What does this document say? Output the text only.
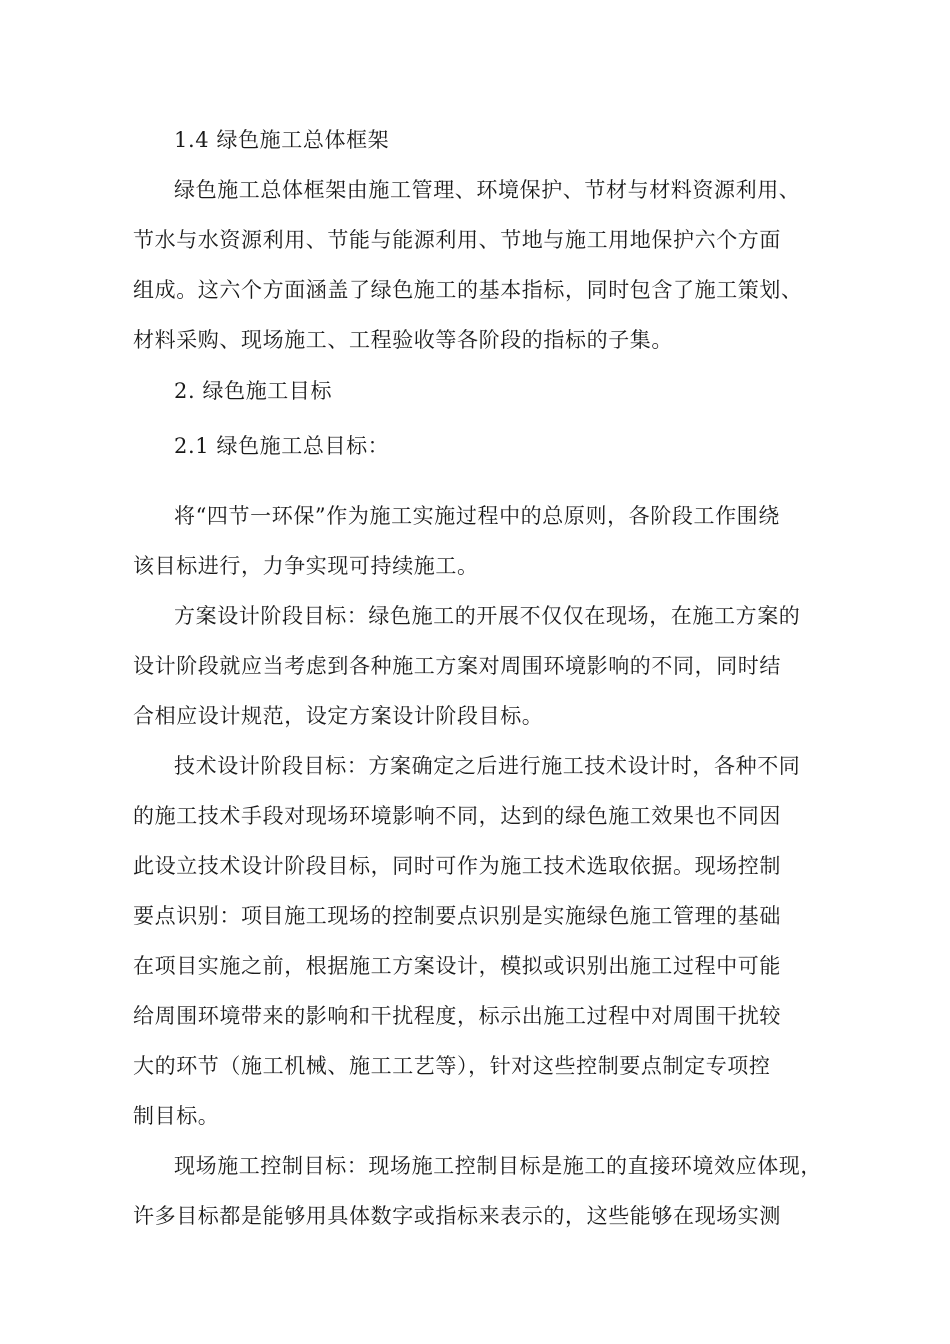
1.4 绿色施工总体框架
绿色施工总体框架由施工管理、环境保护、节材与材料资源利用、
节水与水资源利用、节能与能源利用、节地与施工用地保护六个方面
组成。这六个方面涵盖了绿色施工的基本指标，同时包含了施工策划、
材料采购、现场施工、工程验收等各阶段的指标的子集。
2. 绿色施工目标
2.1 绿色施工总目标：
将“四节一环保”作为施工实施过程中的总原则，各阶段工作围绕
该目标进行，力争实现可持续施工。
方案设计阶段目标：绿色施工的开展不仅仅在现场，在施工方案的
设计阶段就应当考虑到各种施工方案对周围环境影响的不同，同时结
合相应设计规范，设定方案设计阶段目标。
技术设计阶段目标：方案确定之后进行施工技术设计时，各种不同
的施工技术手段对现场环境影响不同，达到的绿色施工效果也不同因
此设立技术设计阶段目标，同时可作为施工技术选取依据。现场控制
要点识别：项目施工现场的控制要点识别是实施绿色施工管理的基础
在项目实施之前，根据施工方案设计，模拟或识别出施工过程中可能
给周围环境带来的影响和干扰程度，标示出施工过程中对周围干扰较
大的环节（施工机械、施工工艺等），针对这些控制要点制定专项控
制目标。
现场施工控制目标：现场施工控制目标是施工的直接环境效应体现，
许多目标都是能够用具体数字或指标来表示的，这些能够在现场实测
